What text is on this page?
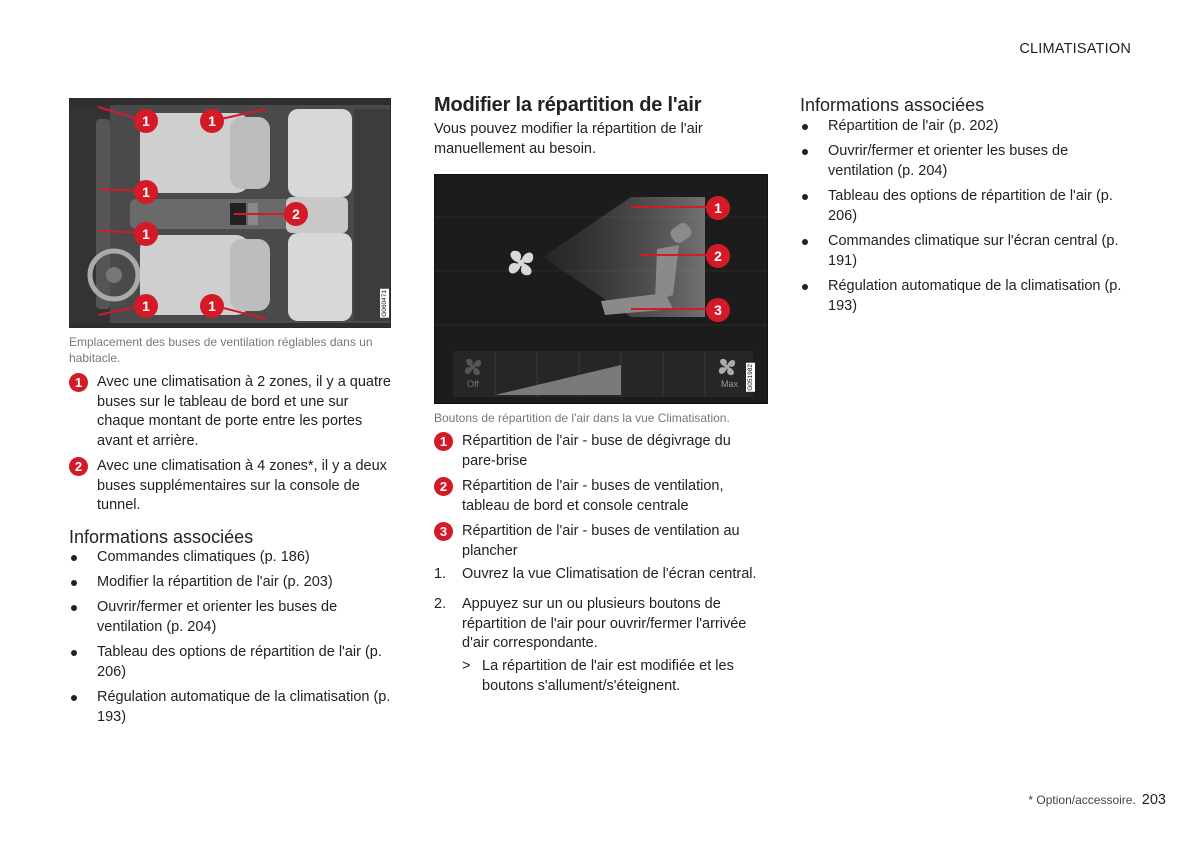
CLIMATISATION
1	1
1
2
1
1	1	G060471
Emplacement des buses de ventilation réglables dans un habitacle.
1	Avec une climatisation à 2 zones, il y a quatre buses sur le tableau de bord et une sur chaque montant de porte entre les portes avant et arrière.
2	Avec une climatisation à 4 zones*, il y a deux buses supplémentaires sur la console de tunnel.
Informations associées
Commandes climatiques (p. 186)
Modifier la répartition de l'air (p. 203)
Ouvrir/fermer et orienter les buses de ventilation (p. 204)
Tableau des options de répartition de l'air (p. 206)
Régulation automatique de la climatisation (p. 193)
Modifier la répartition de l'air
Vous pouvez modifier la répartition de l'air manuellement au besoin.
1
2
3
Off	Max G051982
Boutons de répartition de l'air dans la vue Climatisation.
1	Répartition de l'air - buse de dégivrage du pare-brise
2	Répartition de l'air - buses de ventilation, tableau de bord et console centrale
3	Répartition de l'air - buses de ventilation au plancher
1. Ouvrez la vue Climatisation de l'écran central.
2. Appuyez sur un ou plusieurs boutons de répartition de l'air pour ouvrir/fermer l'arrivée d'air correspondante.
> La répartition de l'air est modifiée et les boutons s'allument/s'éteignent.
Informations associées
Répartition de l'air (p. 202)
Ouvrir/fermer et orienter les buses de ventilation (p. 204)
Tableau des options de répartition de l'air (p. 206)
Commandes climatique sur l'écran central (p. 191)
Régulation automatique de la climatisation (p. 193)
* Option/accessoire. 203
